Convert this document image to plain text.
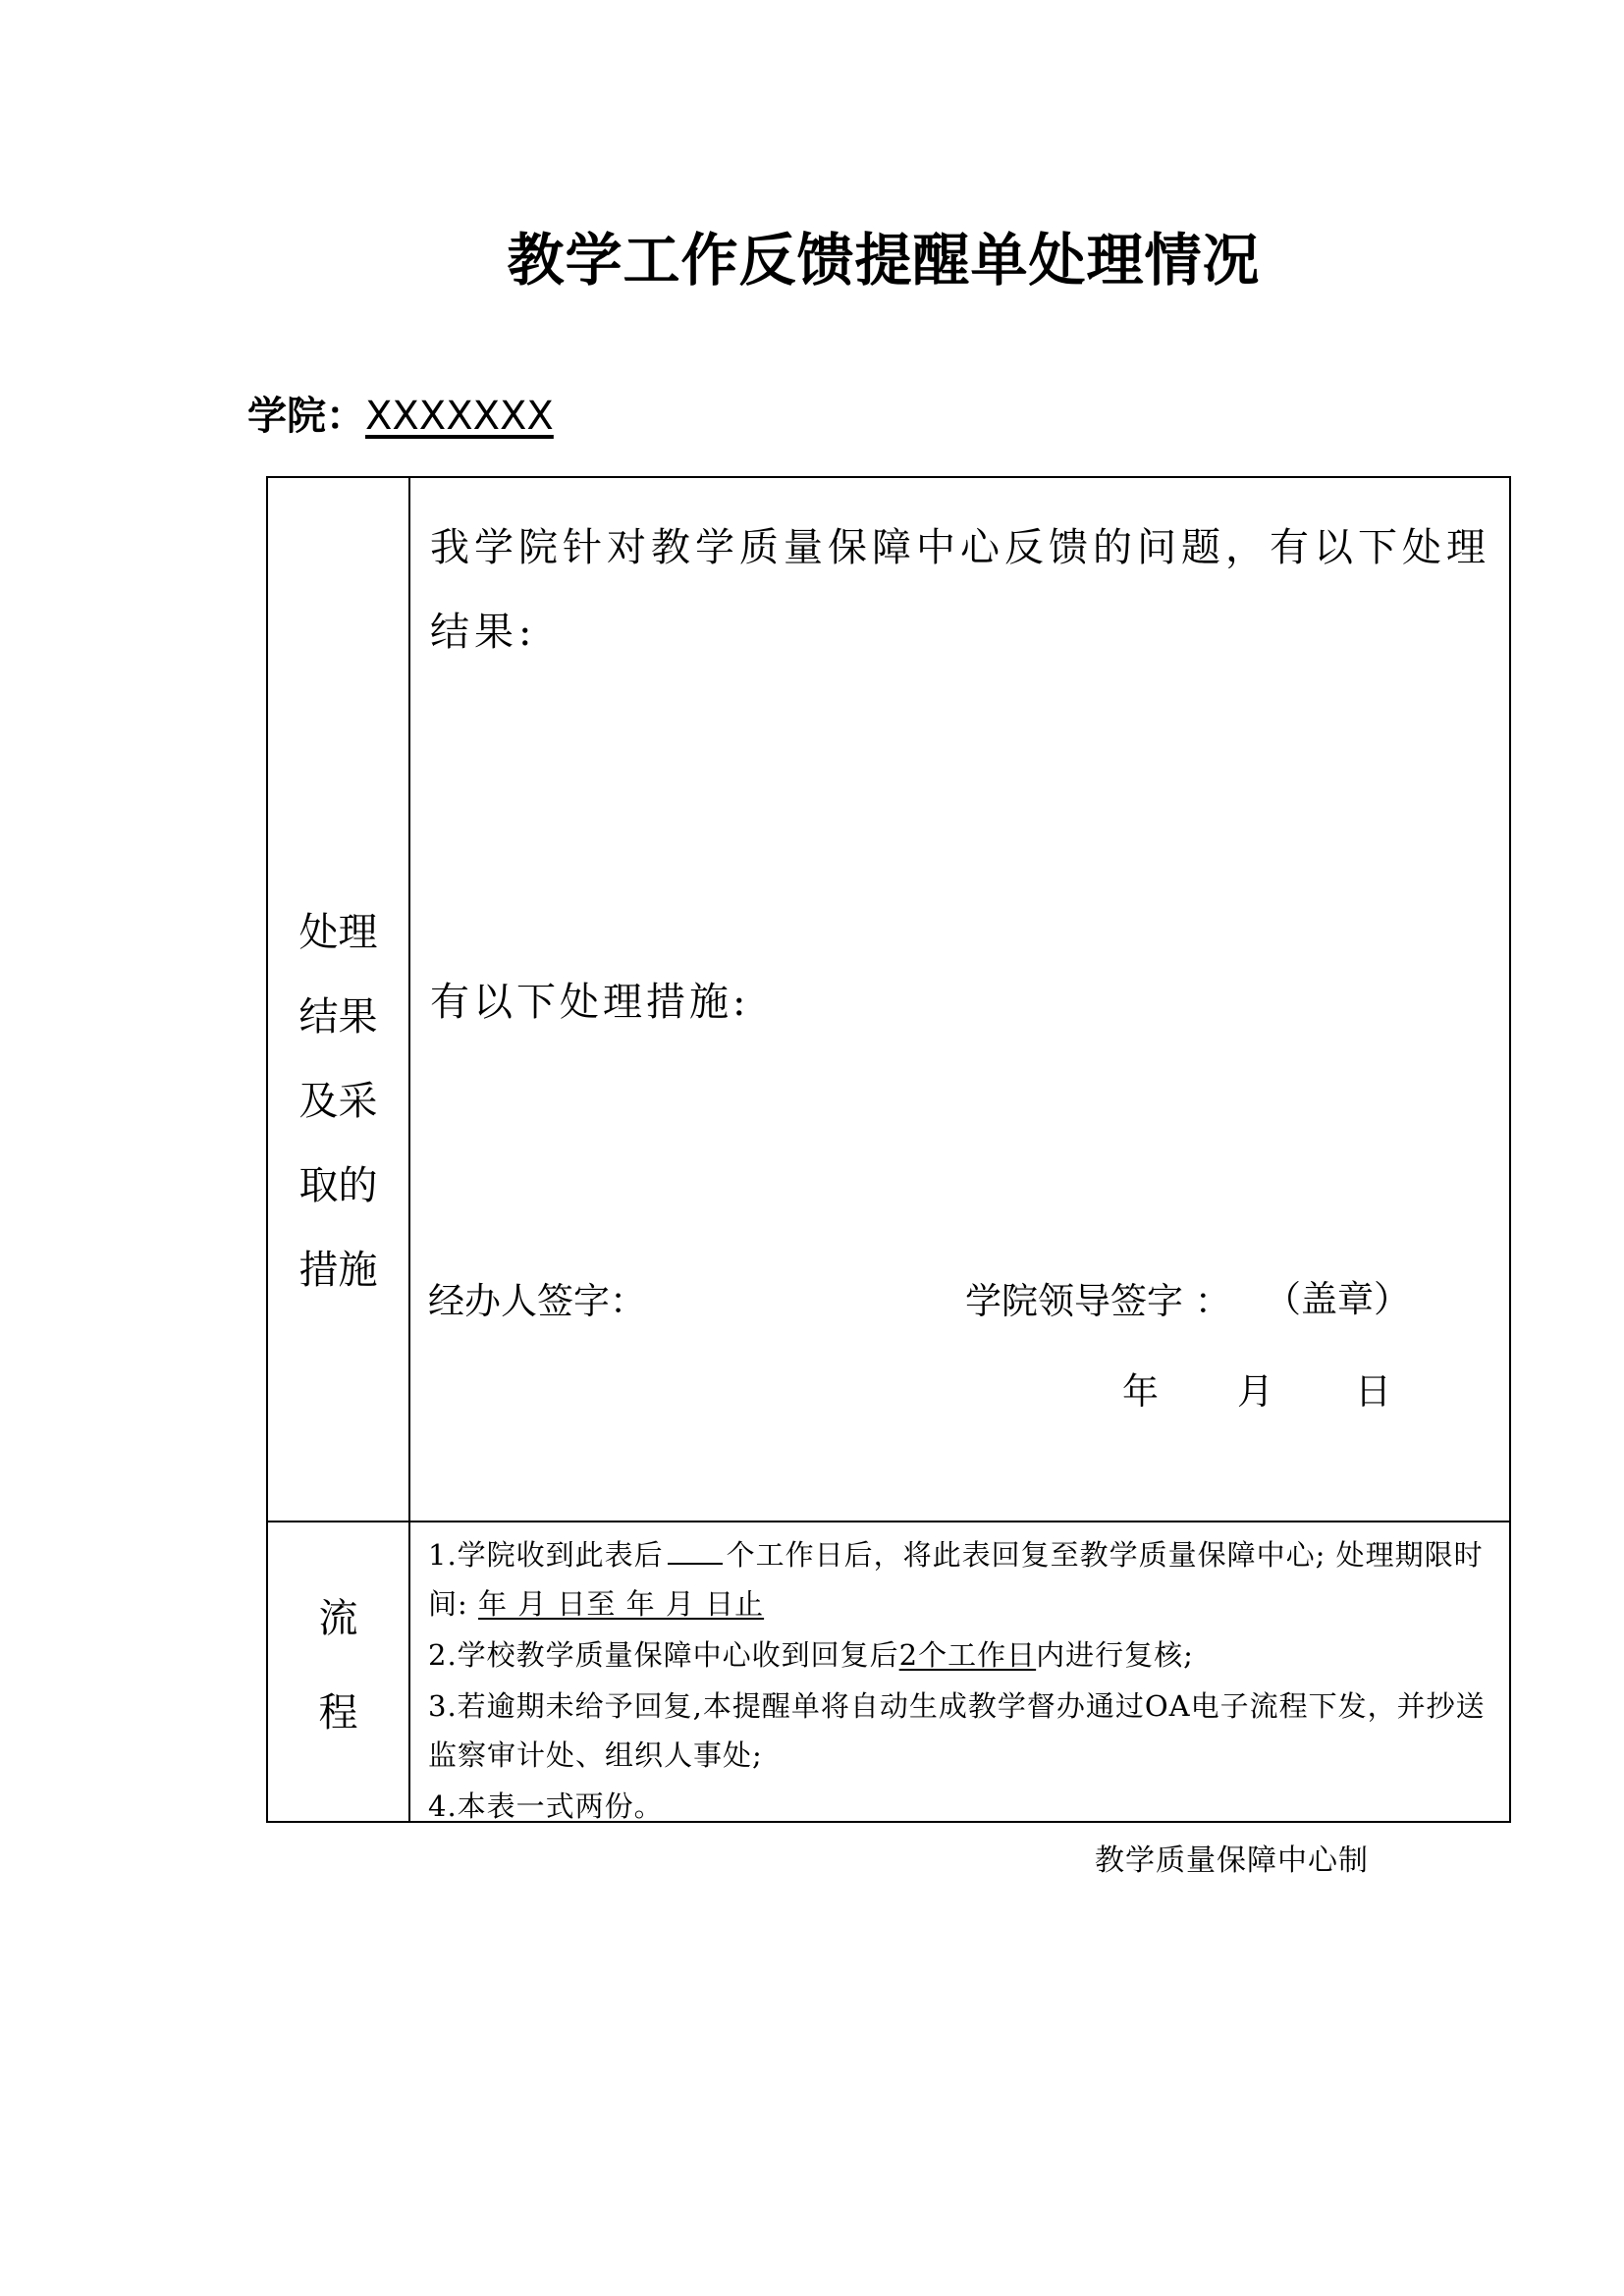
教学工作反馈提醒单处理情况
学院：XXXXXXX
处理
结果
及采
取的
措施
我学院针对教学质量保障中心反馈的问题，有以下处理结果:
有以下处理措施:
经办人签字：	学院领导签字 ： （盖章）
年 月 日
流
程

1.学院收到此表后 个工作日后，将此表回复至教学质量保障中心; 处理期限时间: 年 月 日至 年 月 日止

2.学校教学质量保障中心收到回复后2个工作日内进行复核;

3.若逾期未给予回复,本提醒单将自动生成教学督办通过OA电子流程下发，并抄送监察审计处、组织人事处;

4.本表一式两份。

教学质量保障中心制
